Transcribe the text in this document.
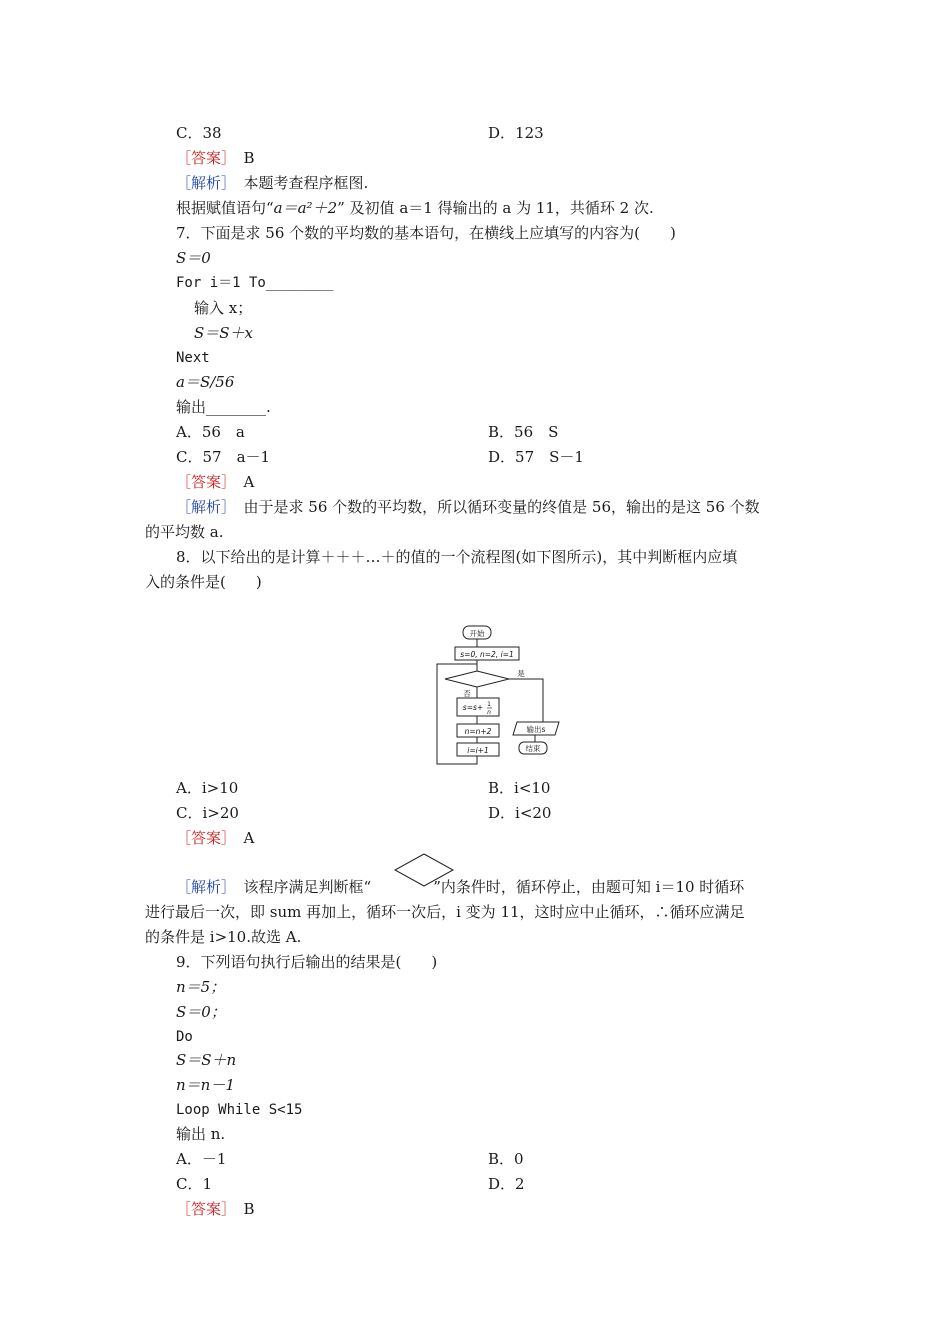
C．38	D．123
［答案］　 B
［解析］　 本题考查程序框图.
根据赋值语句“a＝a²＋2” 及初值 a＝1 得输出的 a 为 11，共循环 2 次.
7．下面是求 56 个数的平均数的基本语句，在横线上应填写的内容为(　　)
S＝0
For i＝1 To________
输入 x；
S＝S＋x
Next
a＝S/56
输出________.
A．56　a	B．56　S
C．57　a－1	D．57　S－1
［答案］　 A
［解析］　 由于是求 56 个数的平均数，所以循环变量的终值是 56，输出的是这 56 个数
的平均数 a.
8．以下给出的是计算＋＋＋…＋的值的一个流程图(如下图所示)，其中判断框内应填
入的条件是(　　)
开始
s=0, n=2, i=1
是
否
s=s+ 1
n
n=n+2
i=i+1
输出s
结束
A．i>10	B．i<10
C．i>20	D．i<20
［答案］　 A
［解析］　 该程序满足判断框“	”内条件时，循环停止，由题可知 i＝10 时循环
进行最后一次，即 sum 再加上，循环一次后，i 变为 11，这时应中止循环，∴循环应满足
的条件是 i>10.故选 A.
9．下列语句执行后输出的结果是(　　)
n＝5；
S＝0；
Do
S＝S＋n
n＝n－1
Loop While S<15
输出 n.
A．－1	B．0
C．1	D．2
［答案］　 B
